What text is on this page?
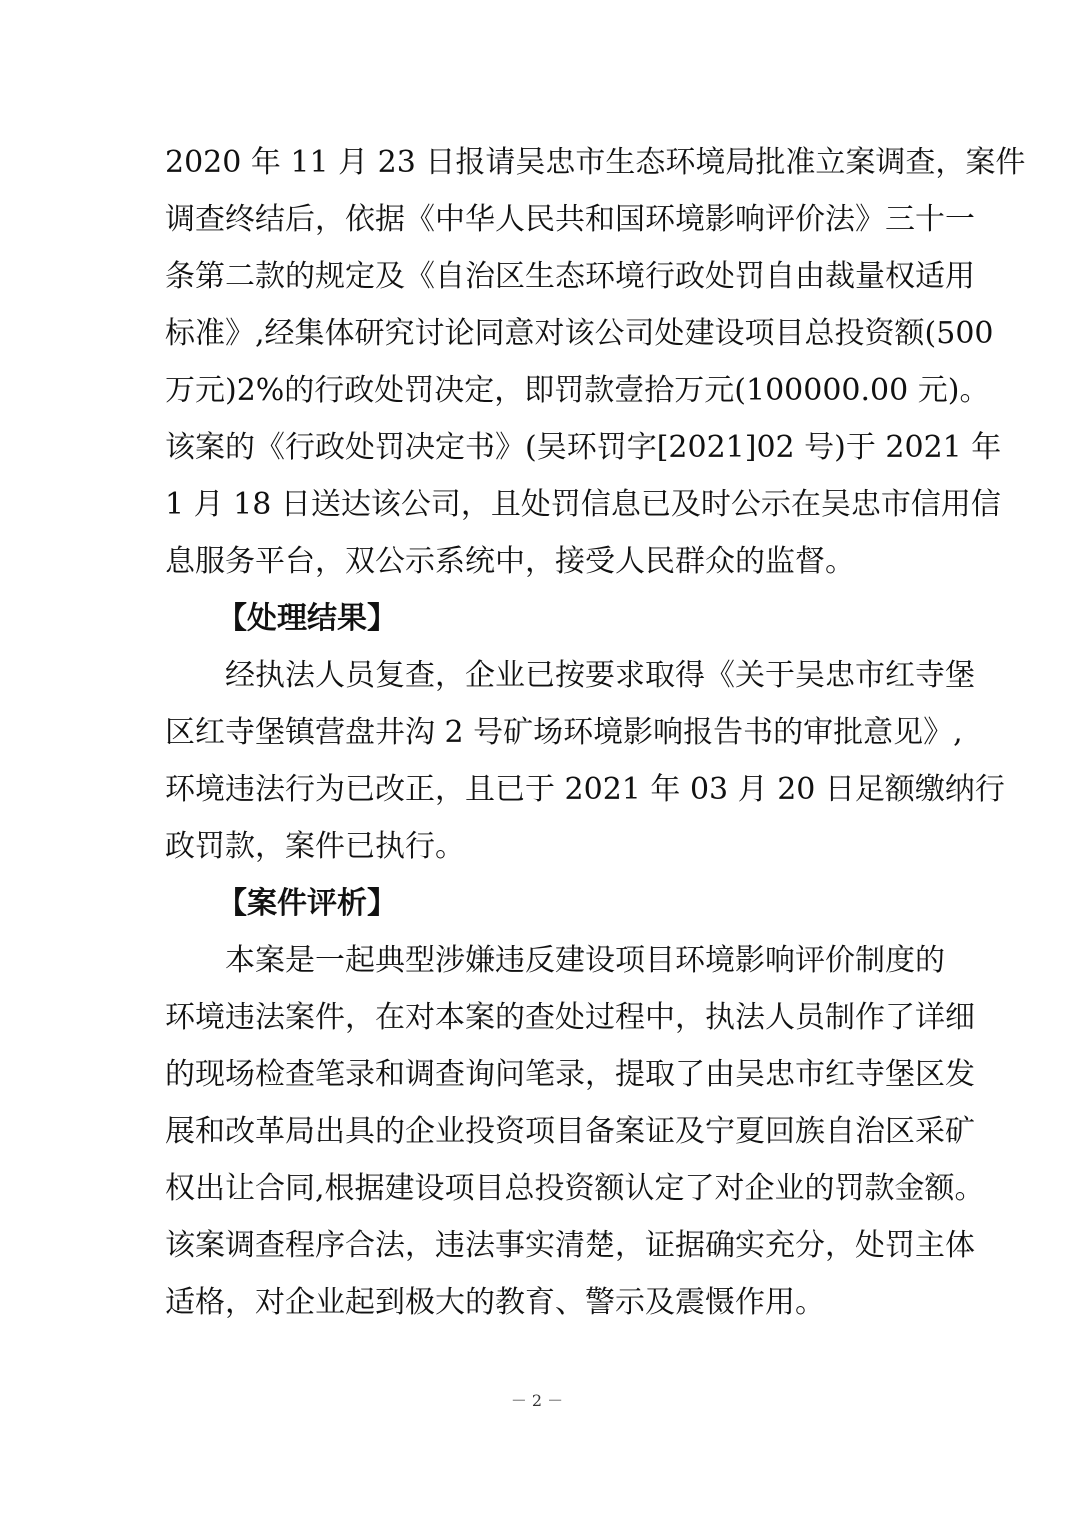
2020 年 11 月 23 日报请吴忠市生态环境局批准立案调查，案件
调查终结后，依据《中华人民共和国环境影响评价法》三十一
条第二款的规定及《自治区生态环境行政处罚自由裁量权适用
标准》,经集体研究讨论同意对该公司处建设项目总投资额(500
万元)2%的行政处罚决定，即罚款壹拾万元(100000.00 元)。
该案的《行政处罚决定书》(吴环罚字[2021]02 号)于 2021 年
1 月 18 日送达该公司，且处罚信息已及时公示在吴忠市信用信
息服务平台，双公示系统中，接受人民群众的监督。
【处理结果】
　　经执法人员复查，企业已按要求取得《关于吴忠市红寺堡
区红寺堡镇营盘井沟 2 号矿场环境影响报告书的审批意见》,
环境违法行为已改正，且已于 2021 年 03 月 20 日足额缴纳行
政罚款，案件已执行。
【案件评析】
　　本案是一起典型涉嫌违反建设项目环境影响评价制度的
环境违法案件，在对本案的查处过程中，执法人员制作了详细
的现场检查笔录和调查询问笔录，提取了由吴忠市红寺堡区发
展和改革局出具的企业投资项目备案证及宁夏回族自治区采矿
权出让合同,根据建设项目总投资额认定了对企业的罚款金额。
该案调查程序合法，违法事实清楚，证据确实充分，处罚主体
适格，对企业起到极大的教育、警示及震慑作用。
－ 2 －
